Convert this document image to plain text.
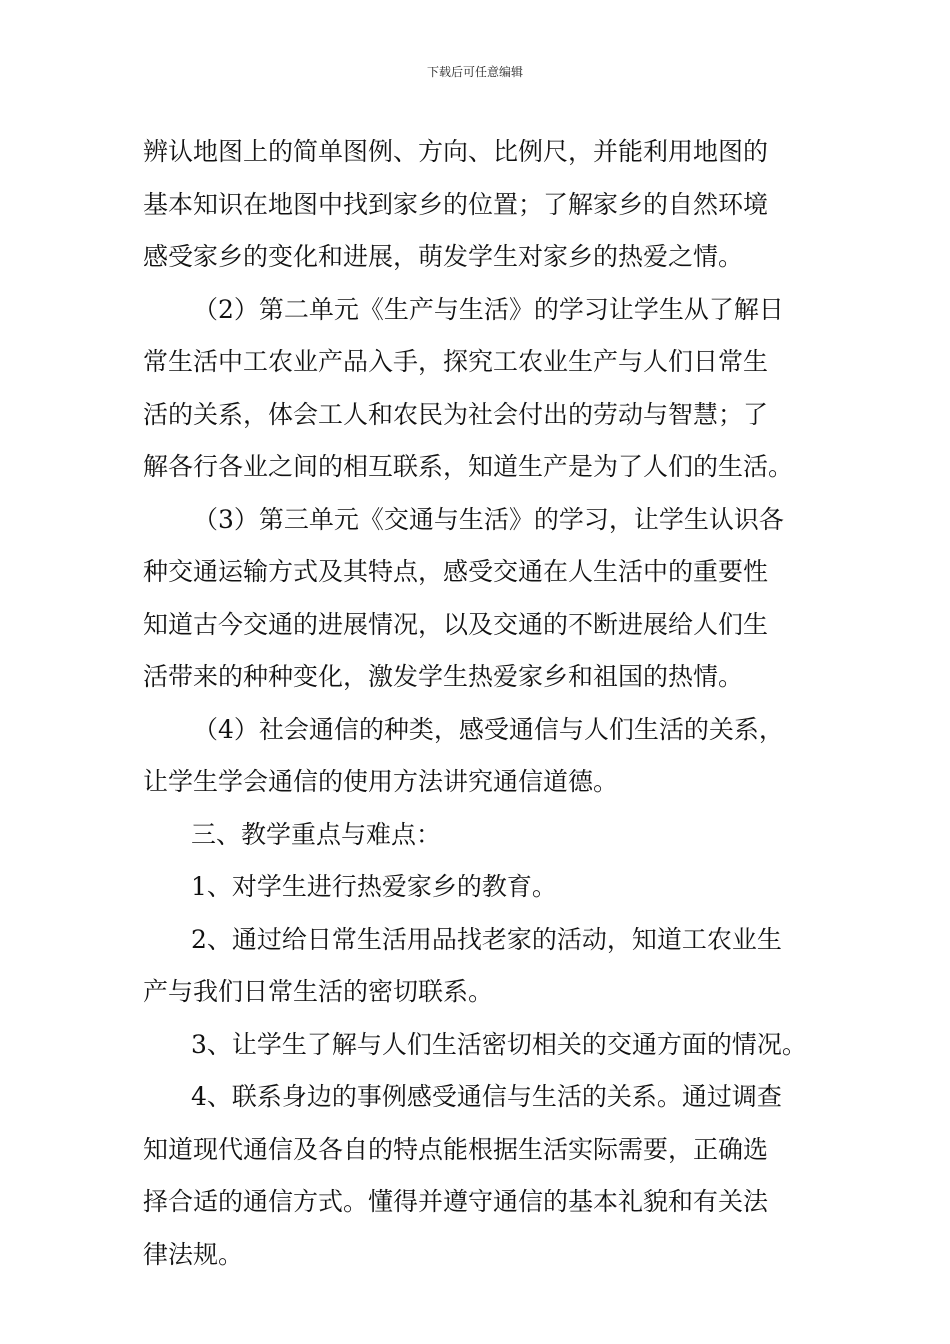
下载后可任意编辑
辨认地图上的简单图例、方向、比例尺，并能利用地图的
基本知识在地图中找到家乡的位置；了解家乡的自然环境
感受家乡的变化和进展，萌发学生对家乡的热爱之情。
（2）第二单元《生产与生活》的学习让学生从了解日
常生活中工农业产品入手，探究工农业生产与人们日常生
活的关系，体会工人和农民为社会付出的劳动与智慧；了
解各行各业之间的相互联系，知道生产是为了人们的生活。
（3）第三单元《交通与生活》的学习，让学生认识各
种交通运输方式及其特点，感受交通在人生活中的重要性
知道古今交通的进展情况，以及交通的不断进展给人们生
活带来的种种变化，激发学生热爱家乡和祖国的热情。
（4）社会通信的种类，感受通信与人们生活的关系，
让学生学会通信的使用方法讲究通信道德。
三、教学重点与难点：
1、对学生进行热爱家乡的教育。
2、通过给日常生活用品找老家的活动，知道工农业生
产与我们日常生活的密切联系。
3、让学生了解与人们生活密切相关的交通方面的情况。
4、联系身边的事例感受通信与生活的关系。通过调查
知道现代通信及各自的特点能根据生活实际需要，正确选
择合适的通信方式。懂得并遵守通信的基本礼貌和有关法
律法规。
